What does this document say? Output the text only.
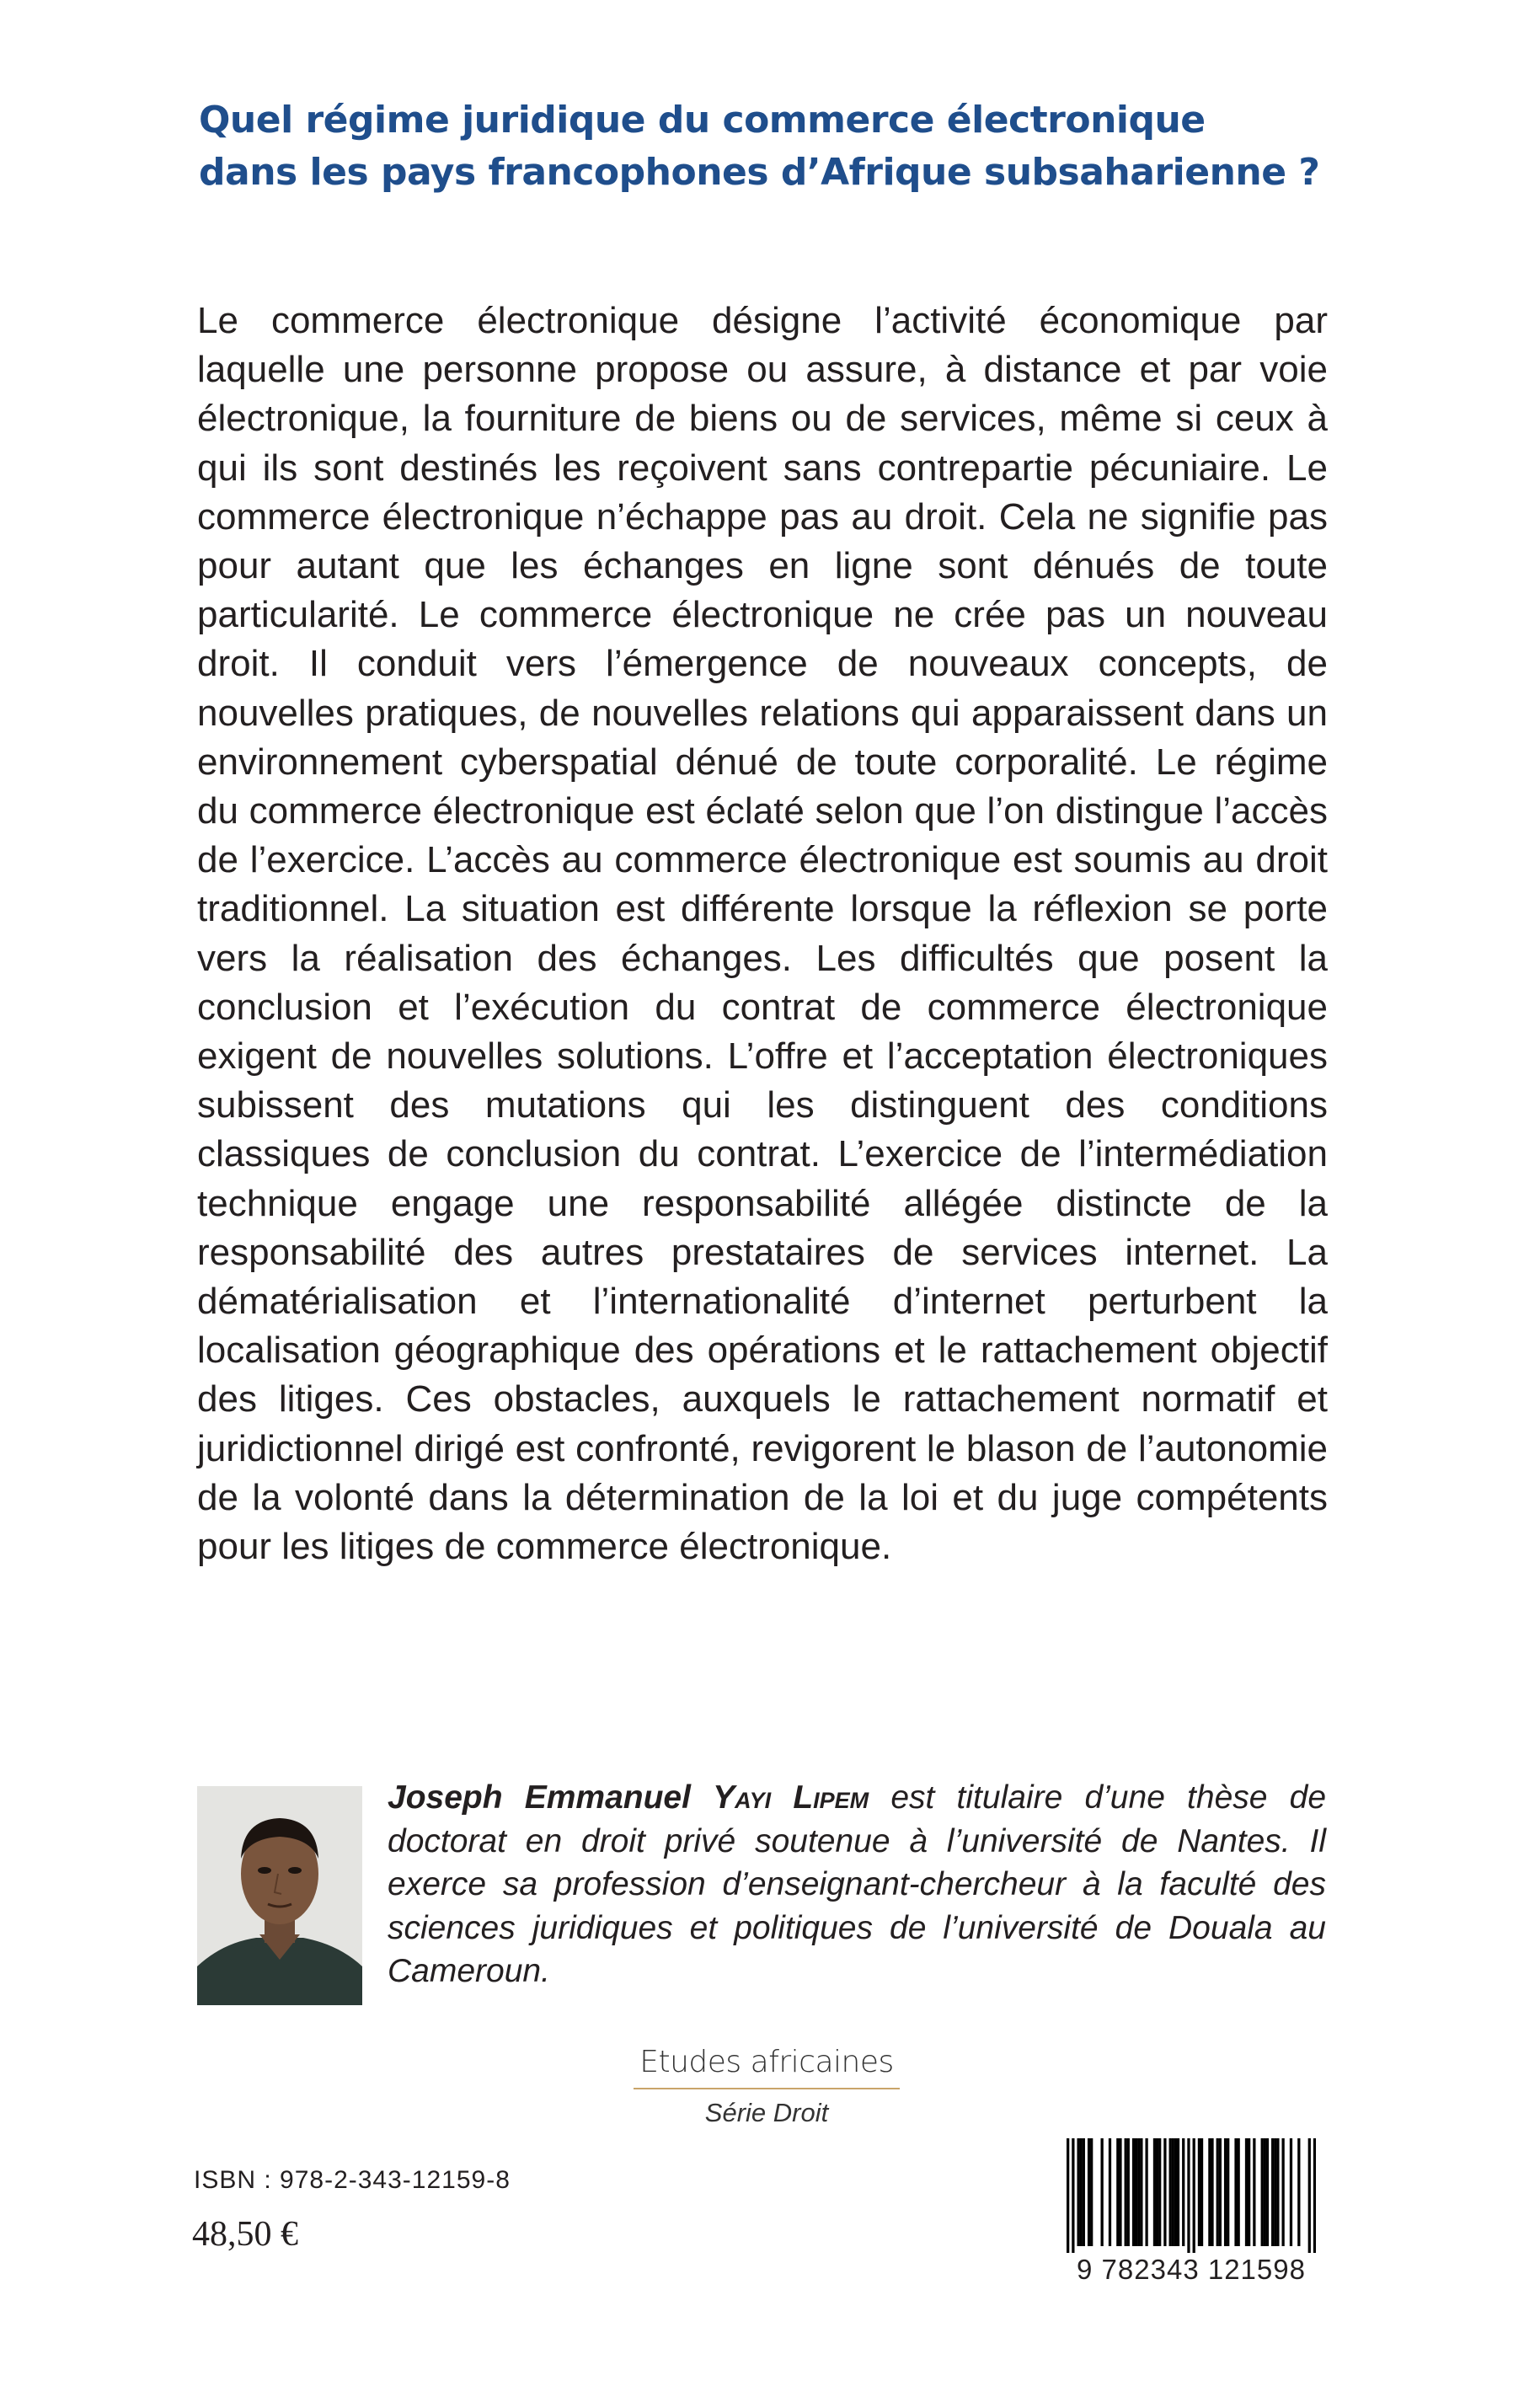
Quel régime juridique du commerce électronique
dans les pays francophones d’Afrique subsaharienne ?

Le commerce électronique désigne l’activité économique par laquelle une personne propose ou assure, à distance et par voie électronique, la fourniture de biens ou de services, même si ceux à qui ils sont destinés les reçoivent sans contrepartie pécuniaire. Le commerce électronique n’échappe pas au droit. Cela ne signifie pas pour autant que les échanges en ligne sont dénués de toute particularité. Le commerce électronique ne crée pas un nouveau droit. Il conduit vers l’émergence de nouveaux concepts, de nouvelles pratiques, de nouvelles relations qui apparaissent dans un environnement cyberspatial dénué de toute corporalité. Le régime du commerce électronique est éclaté selon que l’on distingue l’accès de l’exercice. L’accès au commerce électronique est soumis au droit traditionnel. La situation est différente lorsque la réflexion se porte vers la réalisation des échanges. Les difficultés que posent la conclusion et l’exécution du contrat de commerce électronique exigent de nouvelles solutions. L’offre et l’acceptation électroniques subissent des mutations qui les distinguent des conditions classiques de conclusion du contrat. L’exercice de l’intermédiation technique engage une responsabilité allégée distincte de la responsabilité des autres prestataires de services internet. La dématérialisation et l’internationalité d’internet perturbent la localisation géographique des opérations et le rattachement objectif des litiges. Ces obstacles, auxquels le rattachement normatif et juridictionnel dirigé est confronté, revigorent le blason de l’autonomie de la volonté dans la détermination de la loi et du juge compétents pour les litiges de commerce électronique.

Joseph Emmanuel Yayi Lipem est titulaire d’une thèse de doctorat en droit privé soutenue à l’université de Nantes. Il exerce sa profession d’enseignant-chercheur à la faculté des sciences juridiques et politiques de l’université de Douala au Cameroun.

Etudes africaines
Série Droit
ISBN : 978-2-343-12159-8
48,50 €
9 782343 121598
